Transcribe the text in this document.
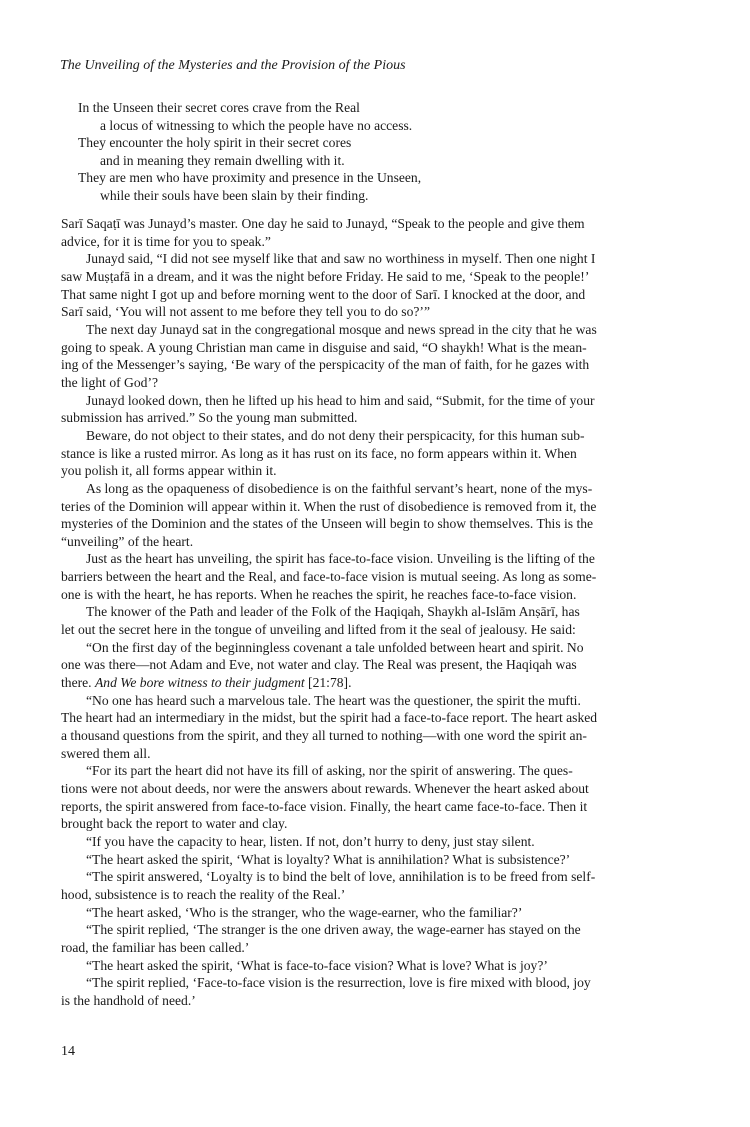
The Unveiling of the Mysteries and the Provision of the Pious
In the Unseen their secret cores crave from the Real
a locus of witnessing to which the people have no access.
They encounter the holy spirit in their secret cores
and in meaning they remain dwelling with it.
They are men who have proximity and presence in the Unseen,
while their souls have been slain by their finding.
Sarī Saqaṭī was Junayd’s master. One day he said to Junayd, “Speak to the people and give them
advice, for it is time for you to speak.”
Junayd said, “I did not see myself like that and saw no worthiness in myself. Then one night I
saw Muṣṭafā in a dream, and it was the night before Friday. He said to me, ‘Speak to the people!’
That same night I got up and before morning went to the door of Sarī. I knocked at the door, and
Sarī said, ‘You will not assent to me before they tell you to do so?’”
The next day Junayd sat in the congregational mosque and news spread in the city that he was
going to speak. A young Christian man came in disguise and said, “O shaykh! What is the mean-
ing of the Messenger’s saying, ‘Be wary of the perspicacity of the man of faith, for he gazes with
the light of God’?
Junayd looked down, then he lifted up his head to him and said, “Submit, for the time of your
submission has arrived.” So the young man submitted.
Beware, do not object to their states, and do not deny their perspicacity, for this human sub-
stance is like a rusted mirror. As long as it has rust on its face, no form appears within it. When
you polish it, all forms appear within it.
As long as the opaqueness of disobedience is on the faithful servant’s heart, none of the mys-
teries of the Dominion will appear within it. When the rust of disobedience is removed from it, the
mysteries of the Dominion and the states of the Unseen will begin to show themselves. This is the
“unveiling” of the heart.
Just as the heart has unveiling, the spirit has face-to-face vision. Unveiling is the lifting of the
barriers between the heart and the Real, and face-to-face vision is mutual seeing. As long as some-
one is with the heart, he has reports. When he reaches the spirit, he reaches face-to-face vision.
The knower of the Path and leader of the Folk of the Haqiqah, Shaykh al-Islām Anṣārī, has
let out the secret here in the tongue of unveiling and lifted from it the seal of jealousy. He said:
“On the first day of the beginningless covenant a tale unfolded between heart and spirit. No
one was there—not Adam and Eve, not water and clay. The Real was present, the Haqiqah was
there. And We bore witness to their judgment [21:78].
“No one has heard such a marvelous tale. The heart was the questioner, the spirit the mufti.
The heart had an intermediary in the midst, but the spirit had a face-to-face report. The heart asked
a thousand questions from the spirit, and they all turned to nothing—with one word the spirit an-
swered them all.
“For its part the heart did not have its fill of asking, nor the spirit of answering. The ques-
tions were not about deeds, nor were the answers about rewards. Whenever the heart asked about
reports, the spirit answered from face-to-face vision. Finally, the heart came face-to-face. Then it
brought back the report to water and clay.
“If you have the capacity to hear, listen. If not, don’t hurry to deny, just stay silent.
“The heart asked the spirit, ‘What is loyalty? What is annihilation? What is subsistence?’
“The spirit answered, ‘Loyalty is to bind the belt of love, annihilation is to be freed from self-
hood, subsistence is to reach the reality of the Real.’
“The heart asked, ‘Who is the stranger, who the wage-earner, who the familiar?’
“The spirit replied, ‘The stranger is the one driven away, the wage-earner has stayed on the
road, the familiar has been called.’
“The heart asked the spirit, ‘What is face-to-face vision? What is love? What is joy?’
“The spirit replied, ‘Face-to-face vision is the resurrection, love is fire mixed with blood, joy
is the handhold of need.’
14
